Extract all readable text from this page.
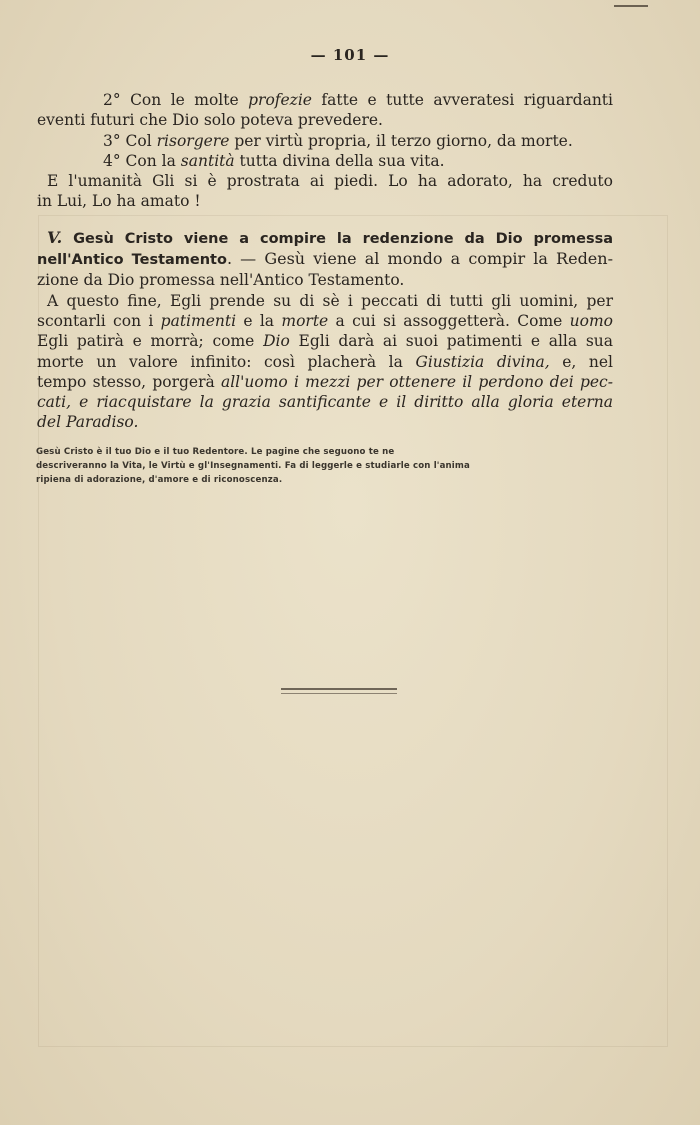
— 101 —

2° Con le molte profezie fatte e tutte avveratesi riguardanti

eventi futuri che Dio solo poteva prevedere.

3° Col risorgere per virtù propria, il terzo giorno, da morte.

4° Con la santità tutta divina della sua vita.

E l'umanità Gli si è prostrata ai piedi. Lo ha adorato, ha creduto

in Lui, Lo ha amato !

V. Gesù Cristo viene a compire la redenzione da Dio promessa

nell'Antico Testamento. — Gesù viene al mondo a compir la Reden-

zione da Dio promessa nell'Antico Testamento.

A questo fine, Egli prende su di sè i peccati di tutti gli uomini, per

scontarli con i patimenti e la morte a cui si assoggetterà. Come uomo

Egli patirà e morrà; come Dio Egli darà ai suoi patimenti e alla sua

morte un valore infinito: così placherà la Giustizia divina, e, nel

tempo stesso, porgerà all'uomo i mezzi per ottenere il perdono dei pec-

cati, e riacquistare la grazia santificante e il diritto alla gloria eterna

del Paradiso.

Gesù Cristo è il tuo Dio e il tuo Redentore. Le pagine che seguono te ne

descriveranno la Vita, le Virtù e gl'Insegnamenti. Fa di leggerle e studiarle con l'anima

ripiena di adorazione, d'amore e di riconoscenza.
